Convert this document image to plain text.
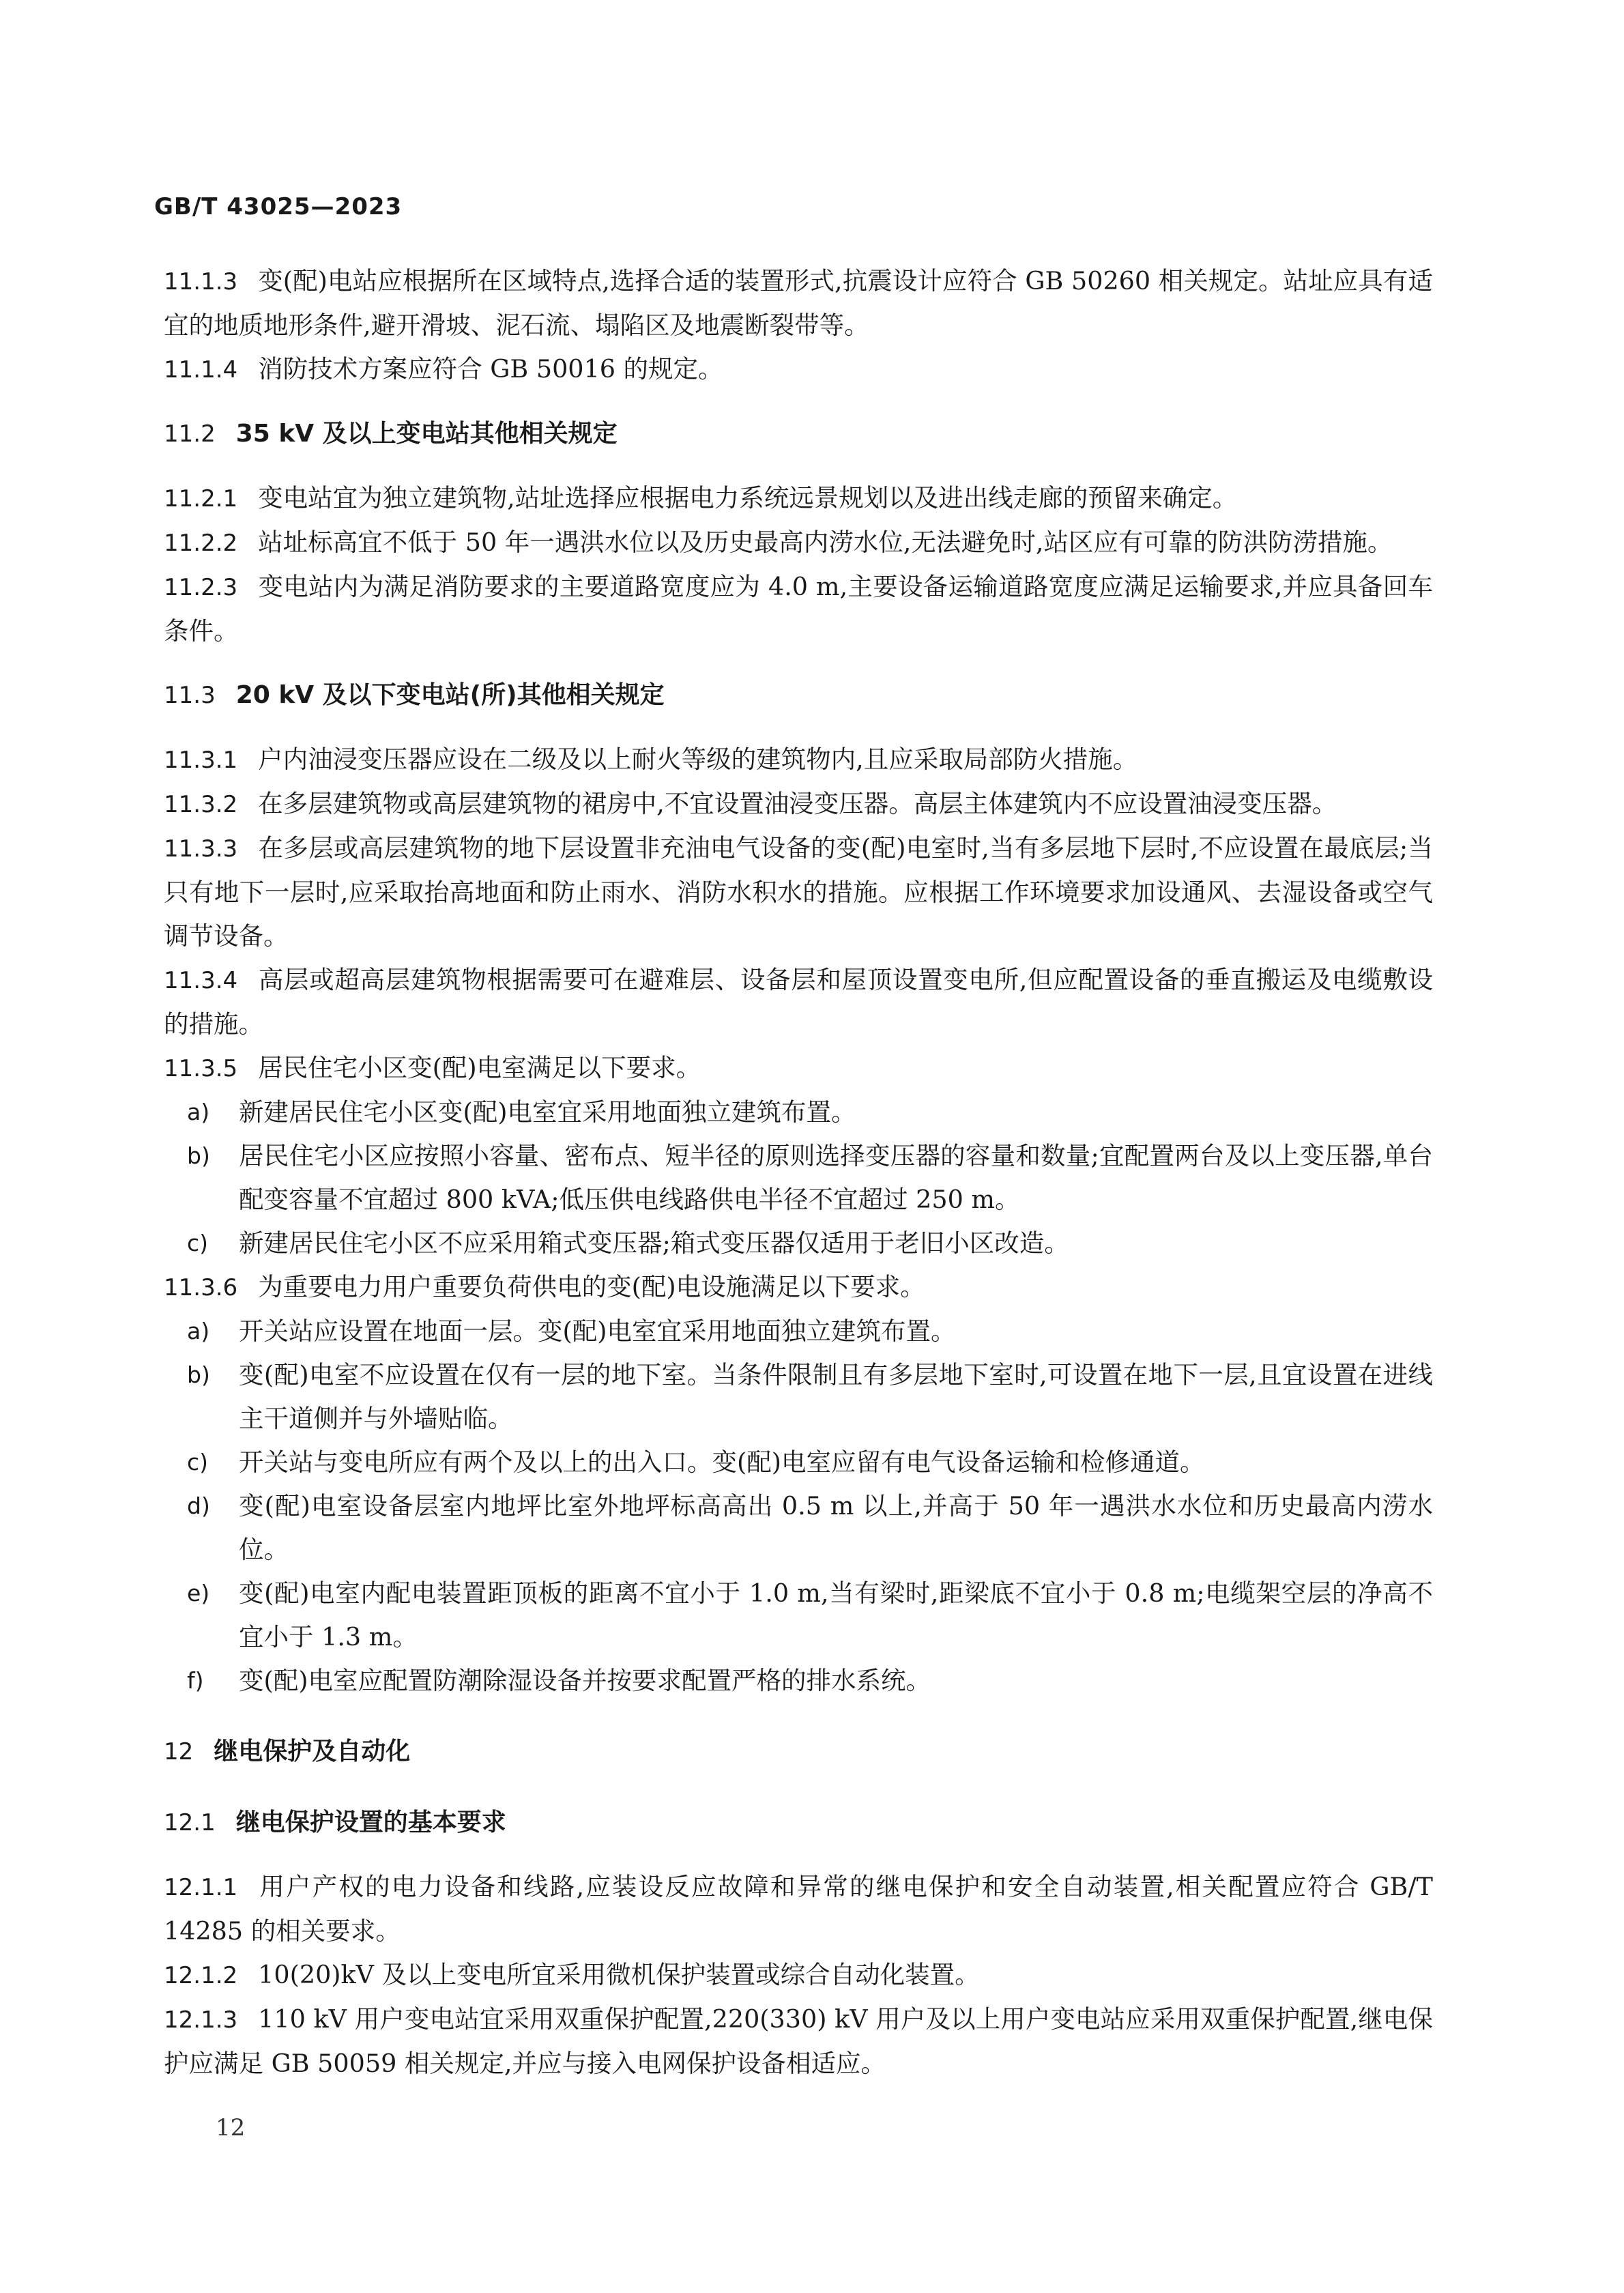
GB/T 43025—2023

11.1.3 变(配)电站应根据所在区域特点,选择合适的装置形式,抗震设计应符合 GB 50260 相关规定。站址应具有适宜的地质地形条件,避开滑坡、泥石流、塌陷区及地震断裂带等。

11.1.4 消防技术方案应符合 GB 50016 的规定。

11.2 35 kV 及以上变电站其他相关规定

11.2.1 变电站宜为独立建筑物,站址选择应根据电力系统远景规划以及进出线走廊的预留来确定。

11.2.2 站址标高宜不低于 50 年一遇洪水位以及历史最高内涝水位,无法避免时,站区应有可靠的防洪防涝措施。

11.2.3 变电站内为满足消防要求的主要道路宽度应为 4.0 m,主要设备运输道路宽度应满足运输要求,并应具备回车条件。

11.3 20 kV 及以下变电站(所)其他相关规定

11.3.1 户内油浸变压器应设在二级及以上耐火等级的建筑物内,且应采取局部防火措施。

11.3.2 在多层建筑物或高层建筑物的裙房中,不宜设置油浸变压器。高层主体建筑内不应设置油浸变压器。

11.3.3 在多层或高层建筑物的地下层设置非充油电气设备的变(配)电室时,当有多层地下层时,不应设置在最底层;当只有地下一层时,应采取抬高地面和防止雨水、消防水积水的措施。应根据工作环境要求加设通风、去湿设备或空气调节设备。

11.3.4 高层或超高层建筑物根据需要可在避难层、设备层和屋顶设置变电所,但应配置设备的垂直搬运及电缆敷设的措施。

11.3.5 居民住宅小区变(配)电室满足以下要求。

a) 新建居民住宅小区变(配)电室宜采用地面独立建筑布置。

b) 居民住宅小区应按照小容量、密布点、短半径的原则选择变压器的容量和数量;宜配置两台及以上变压器,单台配变容量不宜超过 800 kVA;低压供电线路供电半径不宜超过 250 m。

c) 新建居民住宅小区不应采用箱式变压器;箱式变压器仅适用于老旧小区改造。

11.3.6 为重要电力用户重要负荷供电的变(配)电设施满足以下要求。

a) 开关站应设置在地面一层。变(配)电室宜采用地面独立建筑布置。

b) 变(配)电室不应设置在仅有一层的地下室。当条件限制且有多层地下室时,可设置在地下一层,且宜设置在进线主干道侧并与外墙贴临。

c) 开关站与变电所应有两个及以上的出入口。变(配)电室应留有电气设备运输和检修通道。

d) 变(配)电室设备层室内地坪比室外地坪标高高出 0.5 m 以上,并高于 50 年一遇洪水水位和历史最高内涝水位。

e) 变(配)电室内配电装置距顶板的距离不宜小于 1.0 m,当有梁时,距梁底不宜小于 0.8 m;电缆架空层的净高不宜小于 1.3 m。

f) 变(配)电室应配置防潮除湿设备并按要求配置严格的排水系统。

12 继电保护及自动化

12.1 继电保护设置的基本要求

12.1.1 用户产权的电力设备和线路,应装设反应故障和异常的继电保护和安全自动装置,相关配置应符合 GB/T 14285 的相关要求。

12.1.2 10(20)kV 及以上变电所宜采用微机保护装置或综合自动化装置。

12.1.3 110 kV 用户变电站宜采用双重保护配置,220(330) kV 用户及以上用户变电站应采用双重保护配置,继电保护应满足 GB 50059 相关规定,并应与接入电网保护设备相适应。

12
